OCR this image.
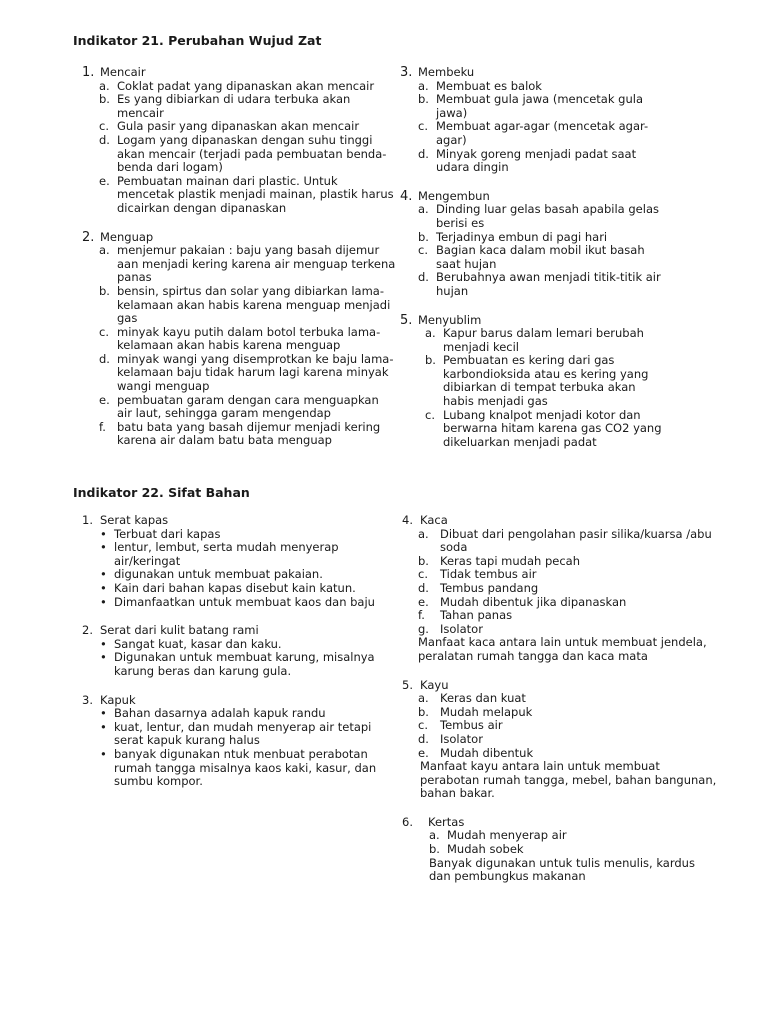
Indikator 21. Perubahan Wujud Zat
1. Mencair
a. Coklat padat yang dipanaskan akan mencair
b. Es yang dibiarkan di udara terbuka akan mencair
c. Gula pasir yang dipanaskan akan mencair
d. Logam yang dipanaskan dengan suhu tinggi akan mencair (terjadi pada pembuatan benda-benda dari logam)
e. Pembuatan mainan dari plastic. Untuk mencetak plastik menjadi mainan, plastik harus dicairkan dengan dipanaskan
2. Menguap
a. menjemur pakaian : baju yang basah dijemur aan menjadi kering karena air menguap terkena panas
b. bensin, spirtus dan solar yang dibiarkan lama-kelamaan akan habis karena menguap menjadi gas
c. minyak kayu putih dalam botol terbuka lama-kelamaan akan habis karena menguap
d. minyak wangi yang disemprotkan ke baju lama-kelamaan baju tidak harum lagi karena minyak wangi menguap
e. pembuatan garam dengan cara menguapkan air laut, sehingga garam mengendap
f. batu bata yang basah dijemur menjadi kering karena air dalam batu bata menguap
3. Membeku
a. Membuat es balok
b. Membuat gula jawa (mencetak gula jawa)
c. Membuat agar-agar (mencetak agar-agar)
d. Minyak goreng menjadi padat saat udara dingin
4. Mengembun
a. Dinding luar gelas basah apabila gelas berisi es
b. Terjadinya embun di pagi hari
c. Bagian kaca dalam mobil ikut basah saat hujan
d. Berubahnya awan menjadi titik-titik air hujan
5. Menyublim
a. Kapur barus dalam lemari berubah menjadi kecil
b. Pembuatan es kering dari gas karbondioksida atau es kering yang dibiarkan di tempat terbuka akan habis menjadi gas
c. Lubang knalpot menjadi kotor dan berwarna hitam karena gas CO2 yang dikeluarkan menjadi padat
Indikator 22. Sifat Bahan
1. Serat kapas
• Terbuat dari kapas
• lentur, lembut, serta mudah menyerap air/keringat
• digunakan untuk membuat pakaian.
• Kain dari bahan kapas disebut kain katun.
• Dimanfaatkan untuk membuat kaos dan baju
2. Serat dari kulit batang rami
• Sangat kuat, kasar dan kaku.
• Digunakan untuk membuat karung, misalnya karung beras dan karung gula.
3. Kapuk
• Bahan dasarnya adalah kapuk randu
• kuat, lentur, dan mudah menyerap air tetapi serat kapuk kurang halus
• banyak digunakan ntuk menbuat perabotan rumah tangga misalnya kaos kaki, kasur, dan sumbu kompor.
4. Kaca
a. Dibuat dari pengolahan pasir silika/kuarsa /abu soda
b. Keras tapi mudah pecah
c.	Tidak tembus air
d. Tembus pandang
e. Mudah dibentuk jika dipanaskan
f.	Tahan panas
g. Isolator

Manfaat kaca antara lain untuk membuat jendela, peralatan rumah tangga dan kaca mata

5. Kayu
a. Keras dan kuat
b. Mudah melapuk
c.	Tembus air
d. Isolator
e. Mudah dibentuk

Manfaat kayu antara lain untuk membuat perabotan rumah tangga, mebel, bahan bangunan, bahan bakar.

6.	Kertas
a. Mudah menyerap air
b. Mudah sobek

Banyak digunakan untuk tulis menulis, kardus dan pembungkus makanan
